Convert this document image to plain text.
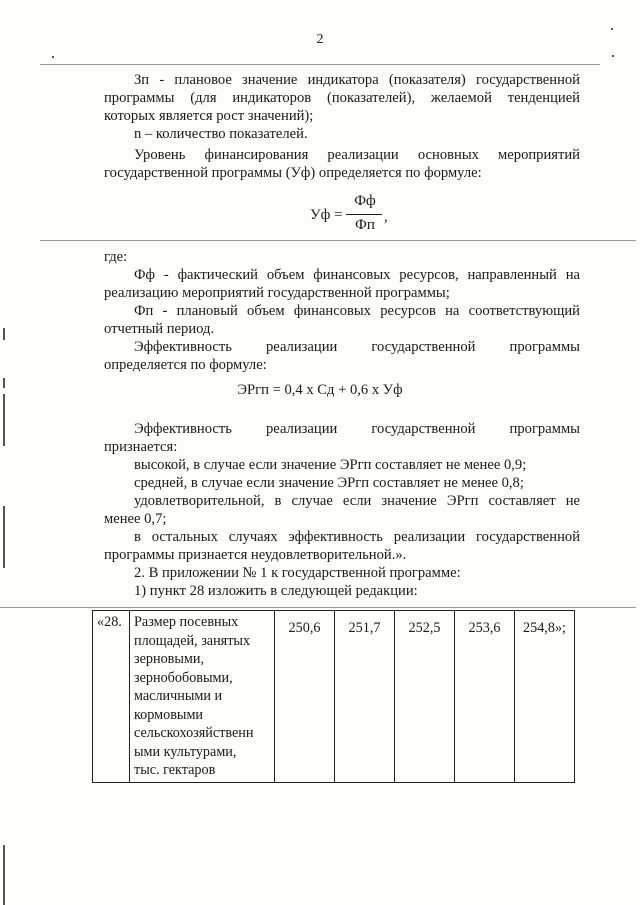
2
Зп - плановое значение индикатора (показателя) государственной
программы (для индикаторов (показателей), желаемой тенденцией
которых является рост значений);
n – количество показателей.
Уровень финансирования реализации основных мероприятий
государственной программы (Уф) определяется по формуле:
Уф =
Фф
Фп ,
где:
Фф - фактический объем финансовых ресурсов, направленный на
реализацию мероприятий государственной программы;
Фп - плановый объем финансовых ресурсов на соответствующий
отчетный период.
Эффективность реализации государственной программы
определяется по формуле:
ЭРгп = 0,4 х Сд + 0,6 х Уф
Эффективность реализации государственной программы
признается:
высокой, в случае если значение ЭРгп составляет не менее 0,9;
средней, в случае если значение ЭРгп составляет не менее 0,8;
удовлетворительной, в случае если значение ЭРгп составляет не
менее 0,7;
в остальных случаях эффективность реализации государственной
программы признается неудовлетворительной.».
2. В приложении № 1 к государственной программе:
1) пункт 28 изложить в следующей редакции:
«28.	Размер посевных
площадей, занятых
зерновыми,
зернобобовыми,
масличными и
кормовыми
сельскохозяйственн
ыми культурами,
тыс. гектаров
	250,6	251,7	252,5	253,6	254,8»;
